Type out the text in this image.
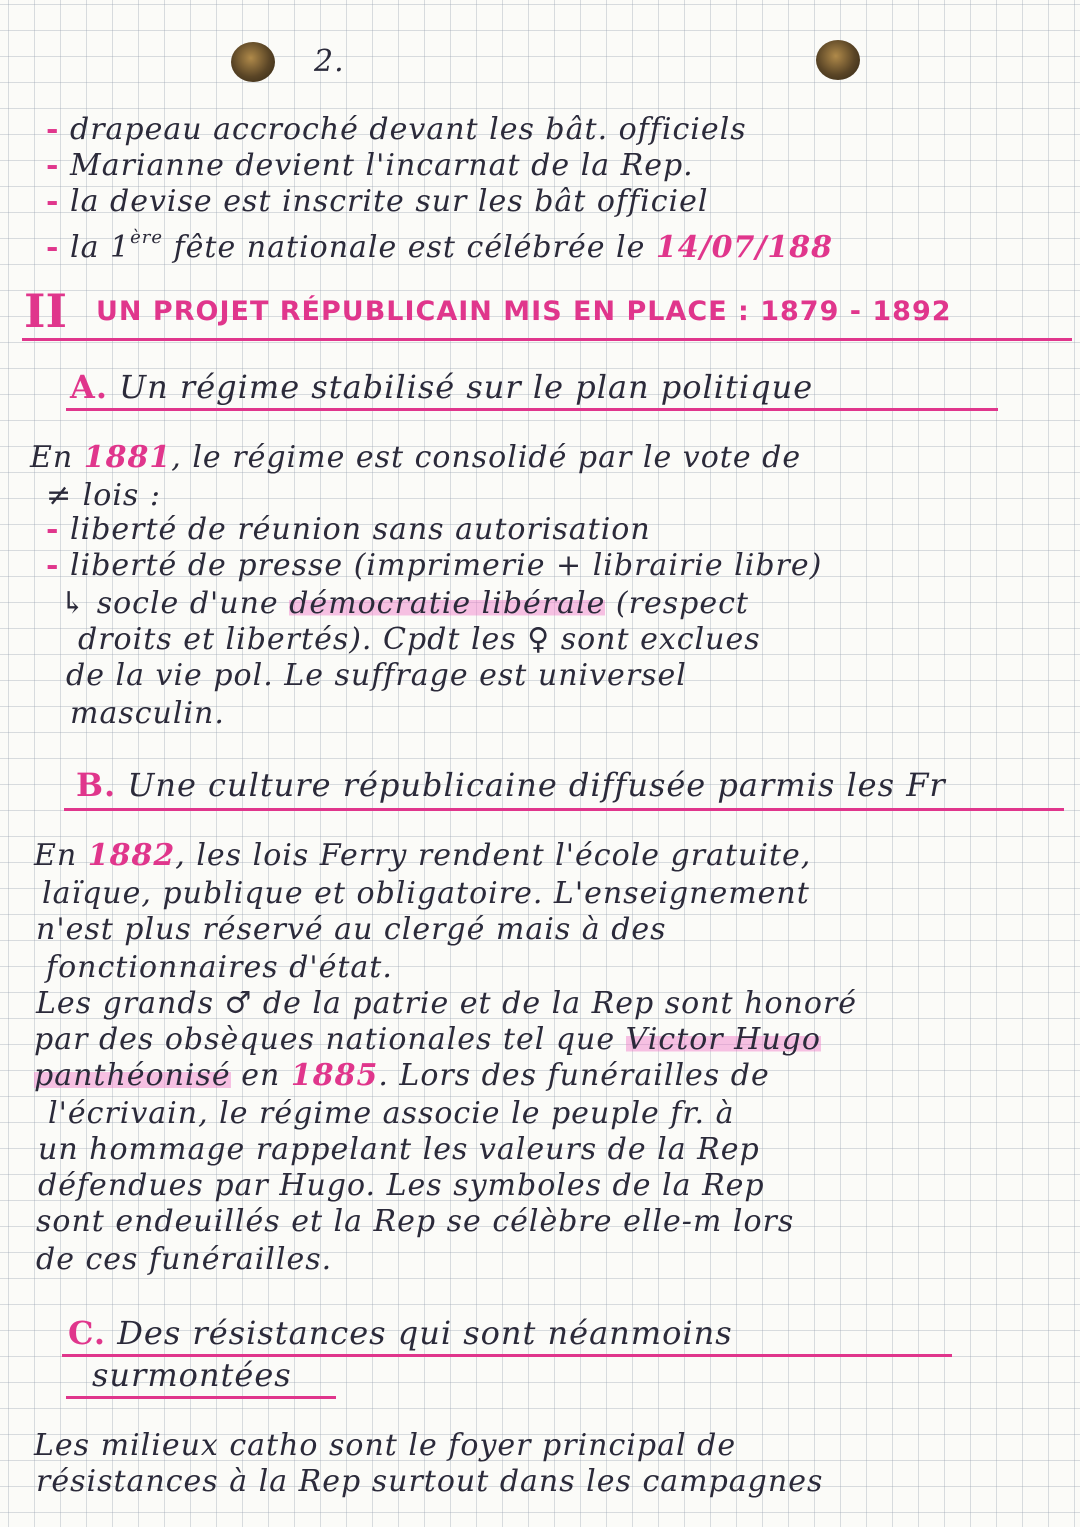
2.
- drapeau accroché devant les bât. officiels
- Marianne devient l'incarnat de la Rep.
- la devise est inscrite sur les bât officiel
- la 1ère fête nationale est célébrée le 14/07/188
II UN PROJET RÉPUBLICAIN MIS EN PLACE : 1879 - 1892
A. Un régime stabilisé sur le plan politique
En 1881, le régime est consolidé par le vote de
≠ lois :
- liberté de réunion sans autorisation
- liberté de presse (imprimerie + librairie libre)
↳ socle d'une démocratie libérale (respect
droits et libertés). Cpdt les ♀ sont exclues
de la vie pol. Le suffrage est universel
masculin.
B. Une culture républicaine diffusée parmis les Fr
En 1882, les lois Ferry rendent l'école gratuite,
laïque, publique et obligatoire. L'enseignement
n'est plus réservé au clergé mais à des
fonctionnaires d'état.
Les grands ♂ de la patrie et de la Rep sont honoré
par des obsèques nationales tel que Victor Hugo
panthéonisé en 1885. Lors des funérailles de
l'écrivain, le régime associe le peuple fr. à
un hommage rappelant les valeurs de la Rep
défendues par Hugo. Les symboles de la Rep
sont endeuillés et la Rep se célèbre elle-m lors
de ces funérailles.
C. Des résistances qui sont néanmoins
surmontées
Les milieux catho sont le foyer principal de
résistances à la Rep surtout dans les campagnes
